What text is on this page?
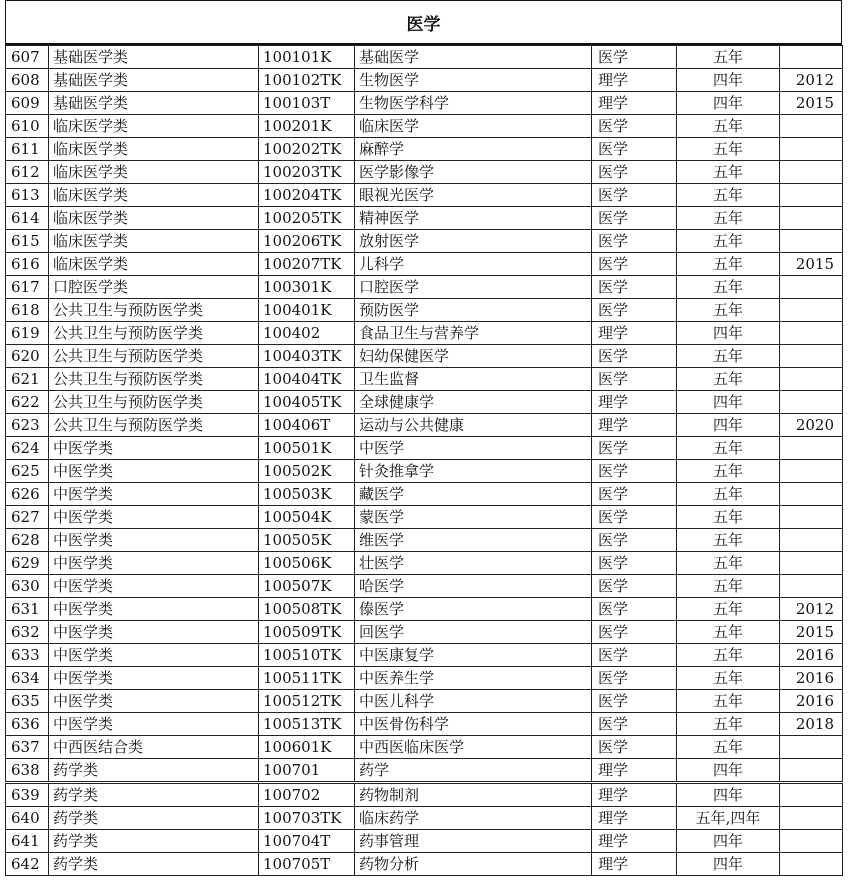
医学
607	基础医学类	100101K	基础医学	医学	五年	
608	基础医学类	100102TK	生物医学	理学	四年	2012
609	基础医学类	100103T	生物医学科学	理学	四年	2015
610	临床医学类	100201K	临床医学	医学	五年	
611	临床医学类	100202TK	麻醉学	医学	五年	
612	临床医学类	100203TK	医学影像学	医学	五年	
613	临床医学类	100204TK	眼视光医学	医学	五年	
614	临床医学类	100205TK	精神医学	医学	五年	
615	临床医学类	100206TK	放射医学	医学	五年	
616	临床医学类	100207TK	儿科学	医学	五年	2015
617	口腔医学类	100301K	口腔医学	医学	五年	
618	公共卫生与预防医学类	100401K	预防医学	医学	五年	
619	公共卫生与预防医学类	100402	食品卫生与营养学	理学	四年	
620	公共卫生与预防医学类	100403TK	妇幼保健医学	医学	五年	
621	公共卫生与预防医学类	100404TK	卫生监督	医学	五年	
622	公共卫生与预防医学类	100405TK	全球健康学	理学	四年	
623	公共卫生与预防医学类	100406T	运动与公共健康	理学	四年	2020
624	中医学类	100501K	中医学	医学	五年	
625	中医学类	100502K	针灸推拿学	医学	五年	
626	中医学类	100503K	藏医学	医学	五年	
627	中医学类	100504K	蒙医学	医学	五年	
628	中医学类	100505K	维医学	医学	五年	
629	中医学类	100506K	壮医学	医学	五年	
630	中医学类	100507K	哈医学	医学	五年	
631	中医学类	100508TK	傣医学	医学	五年	2012
632	中医学类	100509TK	回医学	医学	五年	2015
633	中医学类	100510TK	中医康复学	医学	五年	2016
634	中医学类	100511TK	中医养生学	医学	五年	2016
635	中医学类	100512TK	中医儿科学	医学	五年	2016
636	中医学类	100513TK	中医骨伤科学	医学	五年	2018
637	中西医结合类	100601K	中西医临床医学	医学	五年	
638	药学类	100701	药学	理学	四年	
639	药学类	100702	药物制剂	理学	四年	
640	药学类	100703TK	临床药学	理学	五年,四年	
641	药学类	100704T	药事管理	理学	四年	
642	药学类	100705T	药物分析	理学	四年	
